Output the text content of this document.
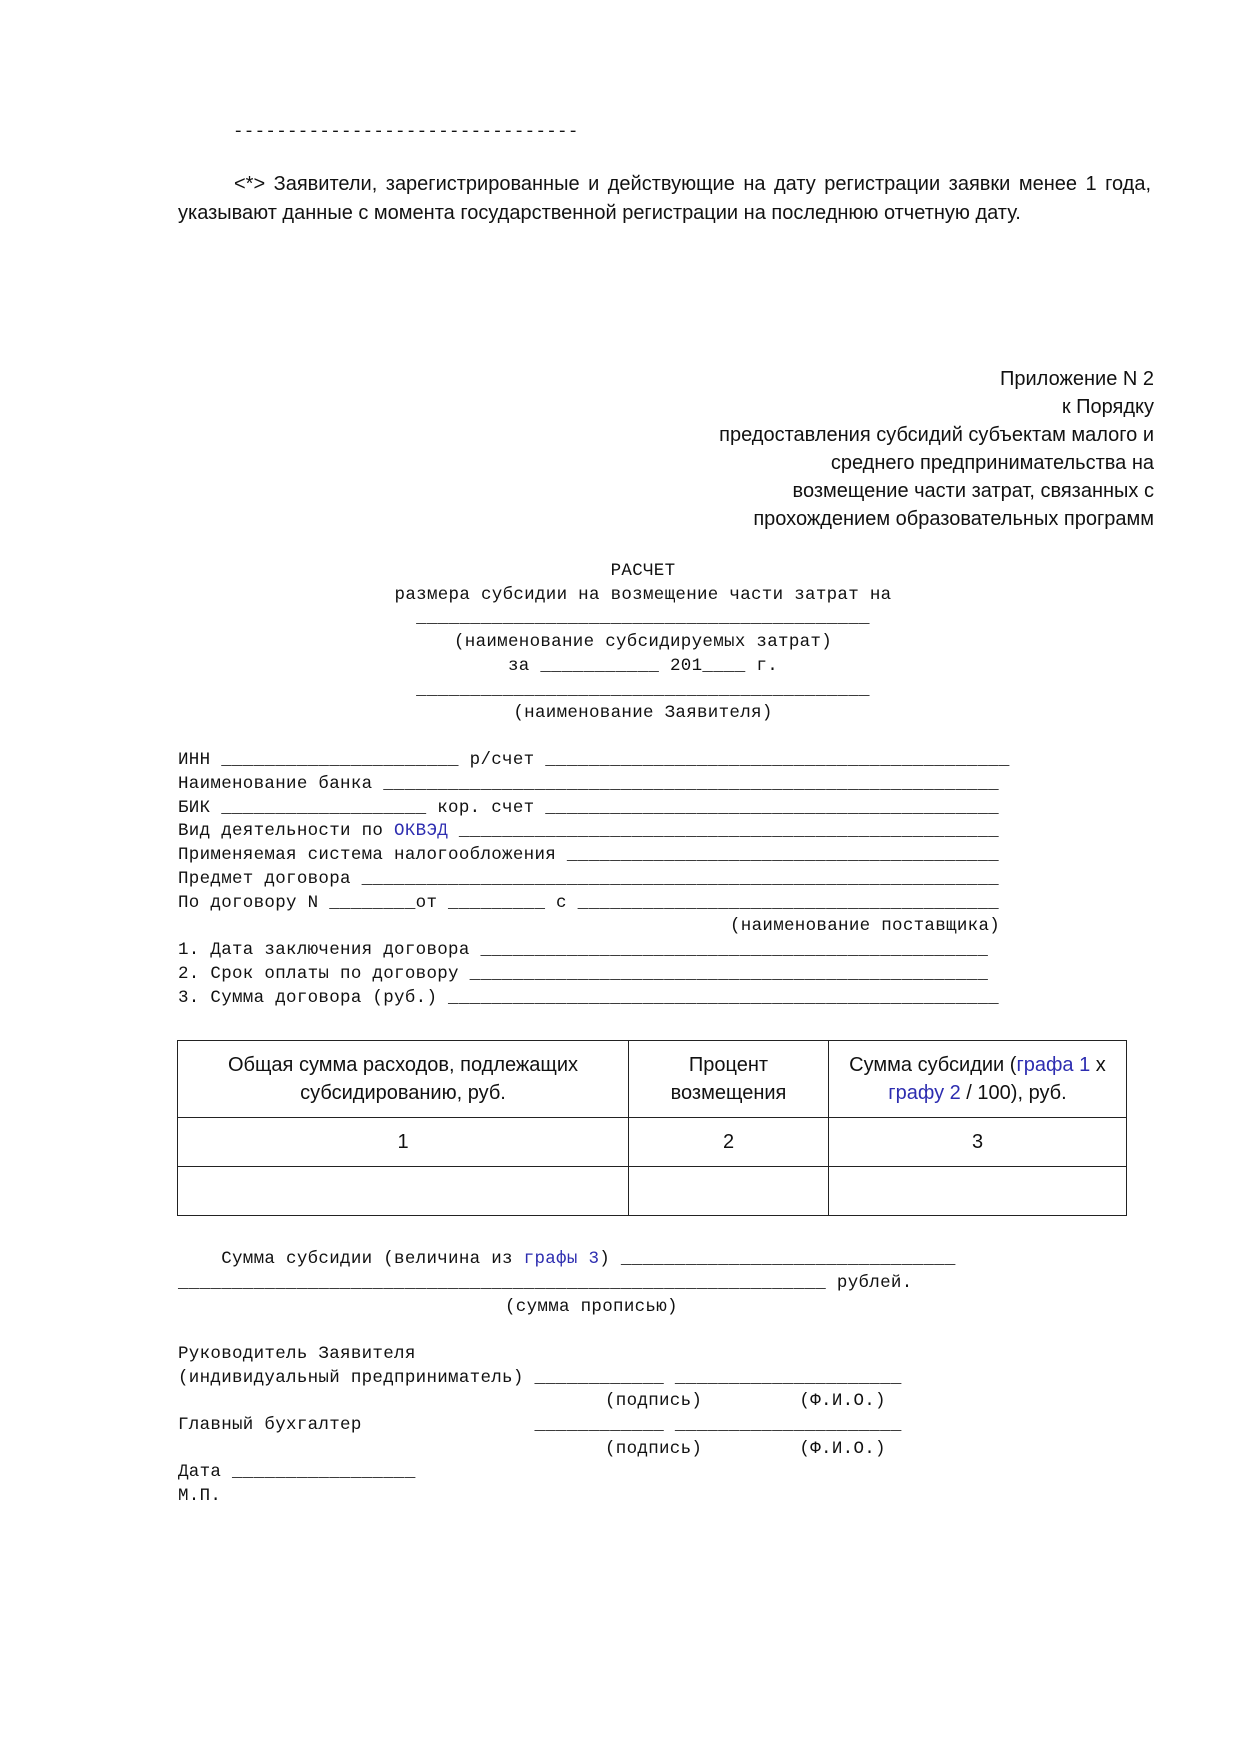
--------------------------------
<*> Заявители, зарегистрированные и действующие на дату регистрации заявки менее 1 года, указывают данные с момента государственной регистрации на последнюю отчетную дату.
Приложение N 2
к Порядку
предоставления субсидий субъектам малого и
среднего предпринимательства на
возмещение части затрат, связанных с
прохождением образовательных программ
РАСЧЕТ
размера субсидии на возмещение части затрат на
__________________________________________
(наименование субсидируемых затрат)
за ___________ 201____ г.
__________________________________________
(наименование Заявителя)
ИНН ______________________ р/счет ___________________________________________
Наименование банка _________________________________________________________
БИК ___________________ кор. счет __________________________________________
Вид деятельности по ОКВЭД __________________________________________________
Применяемая система налогообложения ________________________________________
Предмет договора ___________________________________________________________
По договору N ________от _________ с _______________________________________
(наименование поставщика)
1. Дата заключения договора _______________________________________________
2. Срок оплаты по договору ________________________________________________
3. Сумма договора (руб.) ___________________________________________________
Общая сумма расходов, подлежащих субсидированию, руб.	Процент возмещения	Сумма субсидии (графа 1 x графу 2 / 100), руб.
1	2	3

Сумма субсидии (величина из графы 3) _______________________________
____________________________________________________________ рублей.
(сумма прописью)
Руководитель Заявителя
(индивидуальный предприниматель) ____________ _____________________
(подпись)         (Ф.И.О.)
Главный бухгалтер                ____________ _____________________
(подпись)         (Ф.И.О.)
Дата _________________
М.П.
